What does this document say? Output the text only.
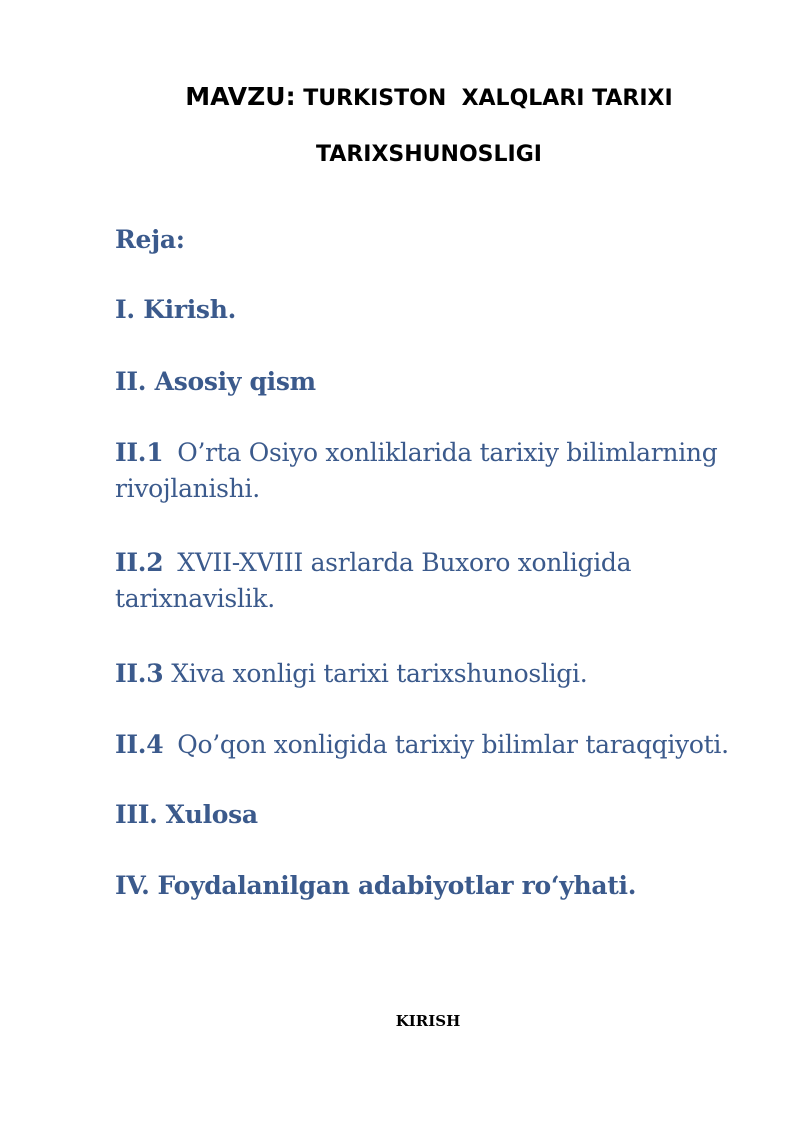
MAVZU: TURKISTON  XALQLARI TARIXI
TARIXSHUNOSLIGI

Reja:

I. Kirish.

II. Asosiy qism

II.1 O’rta Osiyo xonliklarida tarixiy bilimlarning rivojlanishi.

II.2 XVII-XVIII asrlarda Buxoro xonligida tarixnavislik.

II.3 Xiva xonligi tarixi tarixshunosligi.

II.4 Qo’qon xonligida tarixiy bilimlar taraqqiyoti.

III. Xulosa

IV. Foydalanilgan adabiyotlar ro‘yhati.

KIRISH
